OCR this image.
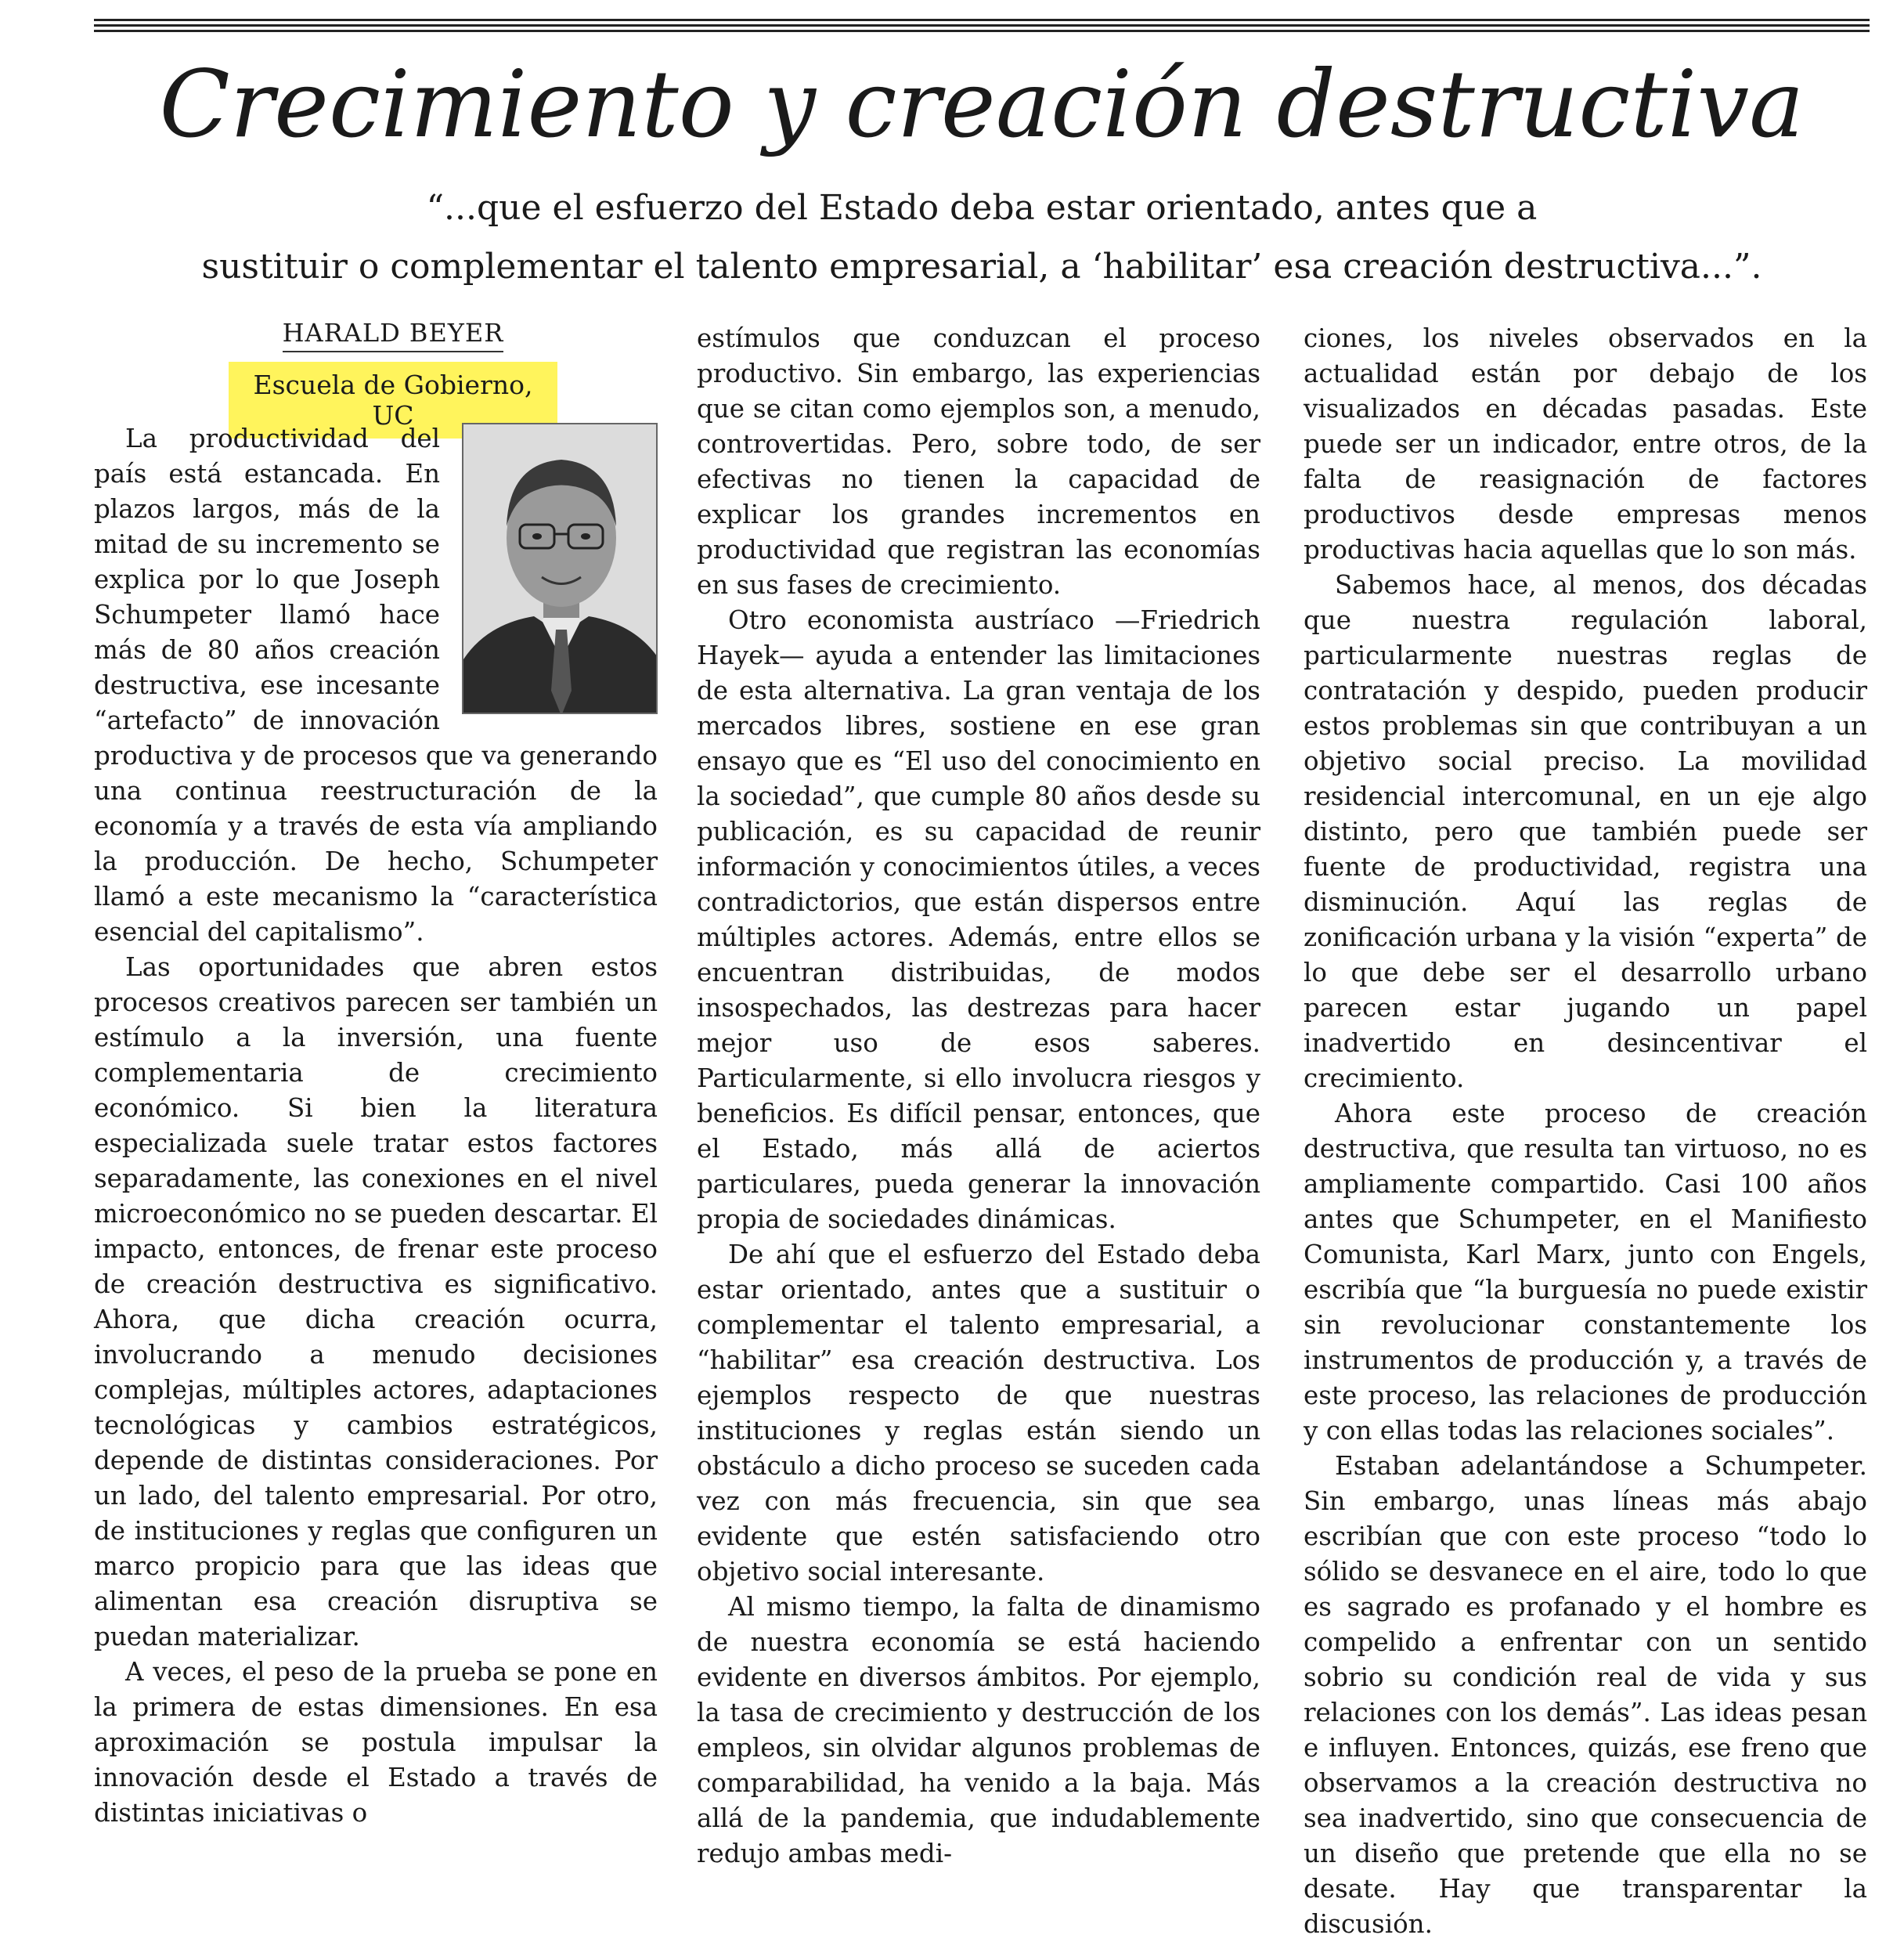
Crecimiento y creación destructiva
“...que el esfuerzo del Estado deba estar orientado, antes que a
sustituir o complementar el talento empresarial, a ‘habilitar’ esa creación destructiva...”.
HARALD BEYER
Escuela de Gobierno, UC

La productividad del país está estancada. En plazos largos, más de la mitad de su incremento se explica por lo que Joseph Schumpeter llamó hace más de 80 años creación destructiva, ese incesante “artefacto” de innovación productiva y de procesos que va generando una continua reestructuración de la economía y a través de esta vía ampliando la producción. De hecho, Schumpeter llamó a este mecanismo la “característica esencial del capitalismo”.

Las oportunidades que abren estos procesos creativos parecen ser también un estímulo a la inversión, una fuente complementaria de crecimiento económico. Si bien la literatura especializada suele tratar estos factores separadamente, las conexiones en el nivel microeconómico no se pueden descartar. El impacto, entonces, de frenar este proceso de creación destructiva es significativo. Ahora, que dicha creación ocurra, involucrando a menudo decisiones complejas, múltiples actores, adaptaciones tecnológicas y cambios estratégicos, depende de distintas consideraciones. Por un lado, del talento empresarial. Por otro, de instituciones y reglas que configuren un marco propicio para que las ideas que alimentan esa creación disruptiva se puedan materializar.

A veces, el peso de la prueba se pone en la primera de estas dimensiones. En esa aproximación se postula impulsar la innovación desde el Estado a través de distintas iniciativas o

estímulos que conduzcan el proceso productivo. Sin embargo, las experiencias que se citan como ejemplos son, a menudo, controvertidas. Pero, sobre todo, de ser efectivas no tienen la capacidad de explicar los grandes incrementos en productividad que registran las economías en sus fases de crecimiento.

Otro economista austríaco —Friedrich Hayek— ayuda a entender las limitaciones de esta alternativa. La gran ventaja de los mercados libres, sostiene en ese gran ensayo que es “El uso del conocimiento en la sociedad”, que cumple 80 años desde su publicación, es su capacidad de reunir información y conocimientos útiles, a veces contradictorios, que están dispersos entre múltiples actores. Además, entre ellos se encuentran distribuidas, de modos insospechados, las destrezas para hacer mejor uso de esos saberes. Particularmente, si ello involucra riesgos y beneficios. Es difícil pensar, entonces, que el Estado, más allá de aciertos particulares, pueda generar la innovación propia de sociedades dinámicas.

De ahí que el esfuerzo del Estado deba estar orientado, antes que a sustituir o complementar el talento empresarial, a “habilitar” esa creación destructiva. Los ejemplos respecto de que nuestras instituciones y reglas están siendo un obstáculo a dicho proceso se suceden cada vez con más frecuencia, sin que sea evidente que estén satisfaciendo otro objetivo social interesante.

Al mismo tiempo, la falta de dinamismo de nuestra economía se está haciendo evidente en diversos ámbitos. Por ejemplo, la tasa de crecimiento y destrucción de los empleos, sin olvidar algunos problemas de comparabilidad, ha venido a la baja. Más allá de la pandemia, que indudablemente redujo ambas medi-

ciones, los niveles observados en la actualidad están por debajo de los visualizados en décadas pasadas. Este puede ser un indicador, entre otros, de la falta de reasignación de factores productivos desde empresas menos productivas hacia aquellas que lo son más.

Sabemos hace, al menos, dos décadas que nuestra regulación laboral, particularmente nuestras reglas de contratación y despido, pueden producir estos problemas sin que contribuyan a un objetivo social preciso. La movilidad residencial intercomunal, en un eje algo distinto, pero que también puede ser fuente de productividad, registra una disminución. Aquí las reglas de zonificación urbana y la visión “experta” de lo que debe ser el desarrollo urbano parecen estar jugando un papel inadvertido en desincentivar el crecimiento.

Ahora este proceso de creación destructiva, que resulta tan virtuoso, no es ampliamente compartido. Casi 100 años antes que Schumpeter, en el Manifiesto Comunista, Karl Marx, junto con Engels, escribía que “la burguesía no puede existir sin revolucionar constantemente los instrumentos de producción y, a través de este proceso, las relaciones de producción y con ellas todas las relaciones sociales”.

Estaban adelantándose a Schumpeter. Sin embargo, unas líneas más abajo escribían que con este proceso “todo lo sólido se desvanece en el aire, todo lo que es sagrado es profanado y el hombre es compelido a enfrentar con un sentido sobrio su condición real de vida y sus relaciones con los demás”. Las ideas pesan e influyen. Entonces, quizás, ese freno que observamos a la creación destructiva no sea inadvertido, sino que consecuencia de un diseño que pretende que ella no se desate. Hay que transparentar la discusión.
